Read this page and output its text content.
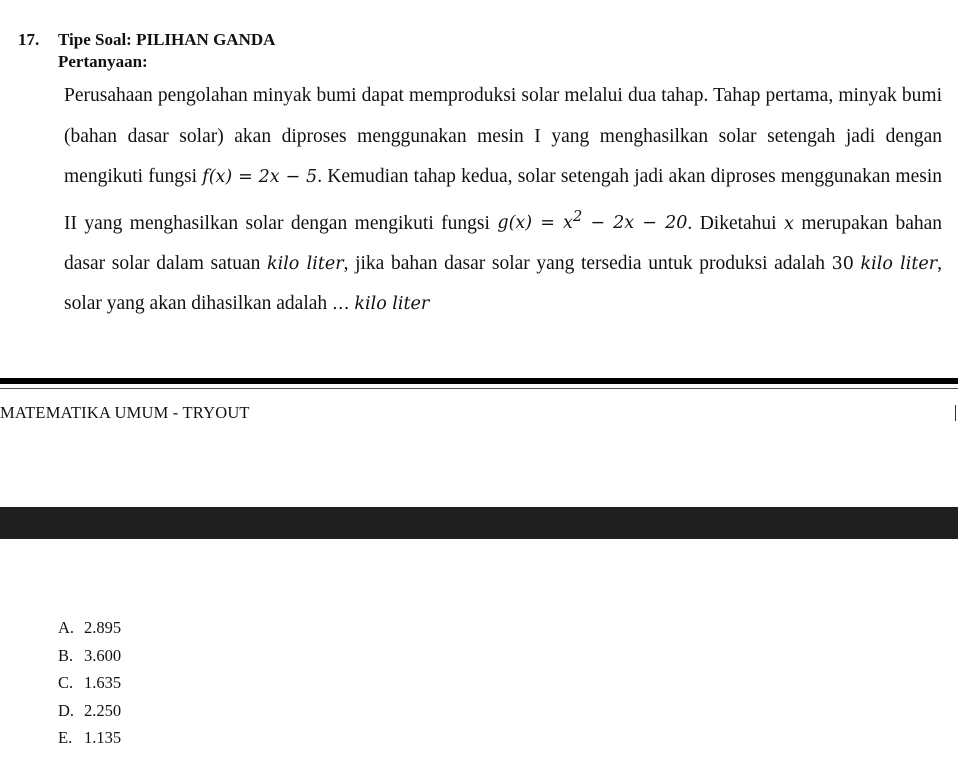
17. Tipe Soal: PILIHAN GANDA
Pertanyaan:
Perusahaan pengolahan minyak bumi dapat memproduksi solar melalui dua tahap. Tahap pertama, minyak bumi (bahan dasar solar) akan diproses menggunakan mesin I yang menghasilkan solar setengah jadi dengan mengikuti fungsi f(x) = 2x − 5. Kemudian tahap kedua, solar setengah jadi akan diproses menggunakan mesin II yang menghasilkan solar dengan mengikuti fungsi $g(x) = x^2 - 2x - 20$. Diketahui x merupakan bahan dasar solar dalam satuan kilo liter, jika bahan dasar solar yang tersedia untuk produksi adalah 30 kilo liter, solar yang akan dihasilkan adalah … kilo liter
MATEMATIKA UMUM - TRYOUT
A. 2.895
B. 3.600
C. 1.635
D. 2.250
E. 1.135
